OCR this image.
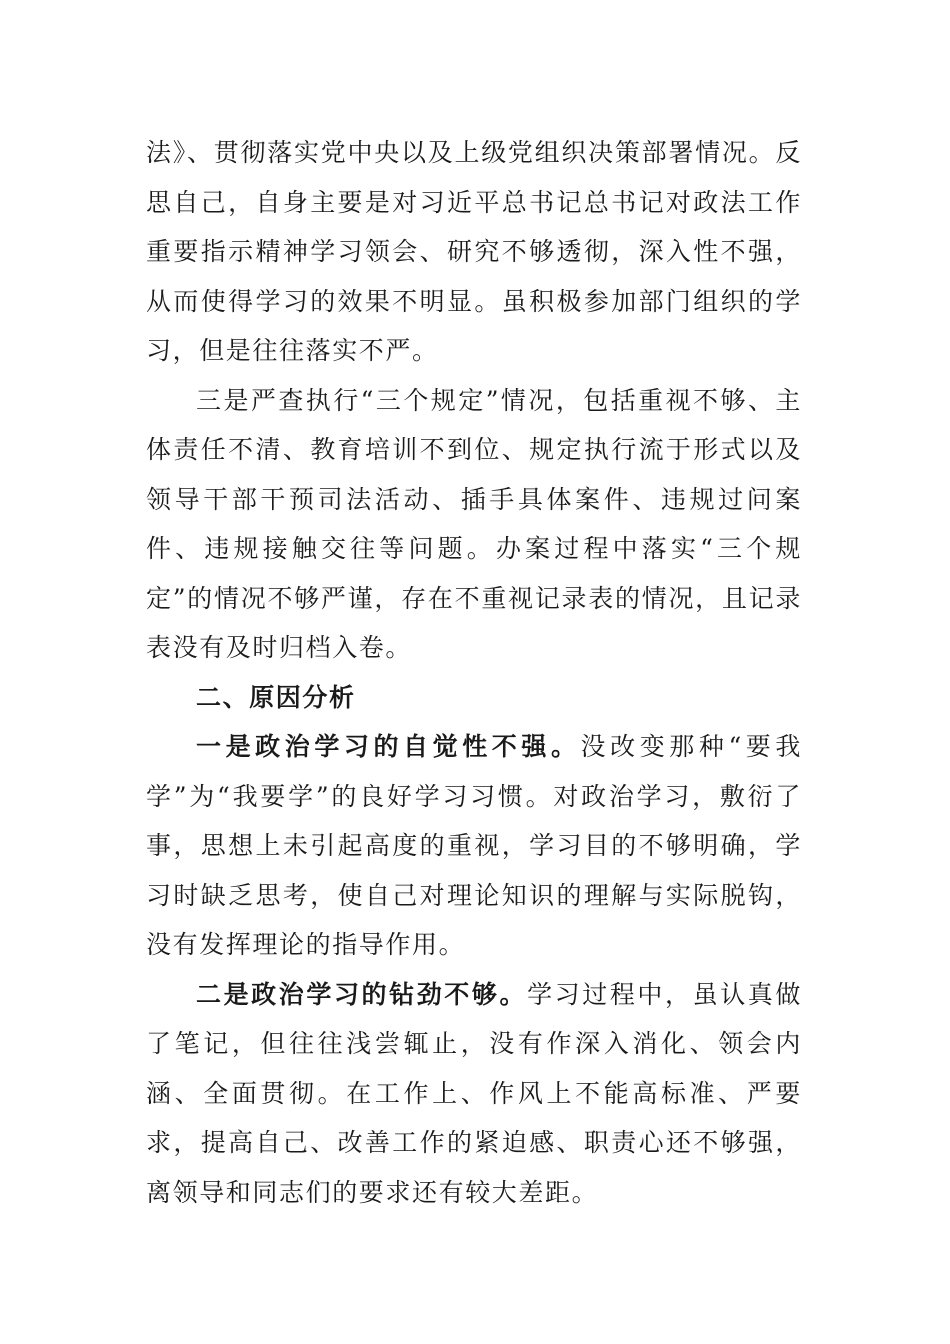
法》、贯彻落实党中央以及上级党组织决策部署情况。反思自己，自身主要是对习近平总书记总书记对政法工作重要指示精神学习领会、研究不够透彻，深入性不强，从而使得学习的效果不明显。虽积极参加部门组织的学习，但是往往落实不严。

三是严查执行“三个规定”情况，包括重视不够、主体责任不清、教育培训不到位、规定执行流于形式以及领导干部干预司法活动、插手具体案件、违规过问案件、违规接触交往等问题。办案过程中落实“三个规定”的情况不够严谨，存在不重视记录表的情况，且记录表没有及时归档入卷。

二、原因分析

一是政治学习的自觉性不强。没改变那种“要我学”为“我要学”的良好学习习惯。对政治学习，敷衍了事，思想上未引起高度的重视，学习目的不够明确，学习时缺乏思考，使自己对理论知识的理解与实际脱钩，没有发挥理论的指导作用。

二是政治学习的钻劲不够。学习过程中，虽认真做了笔记，但往往浅尝辄止，没有作深入消化、领会内涵、全面贯彻。在工作上、作风上不能高标准、严要求，提高自己、改善工作的紧迫感、职责心还不够强，离领导和同志们的要求还有较大差距。
